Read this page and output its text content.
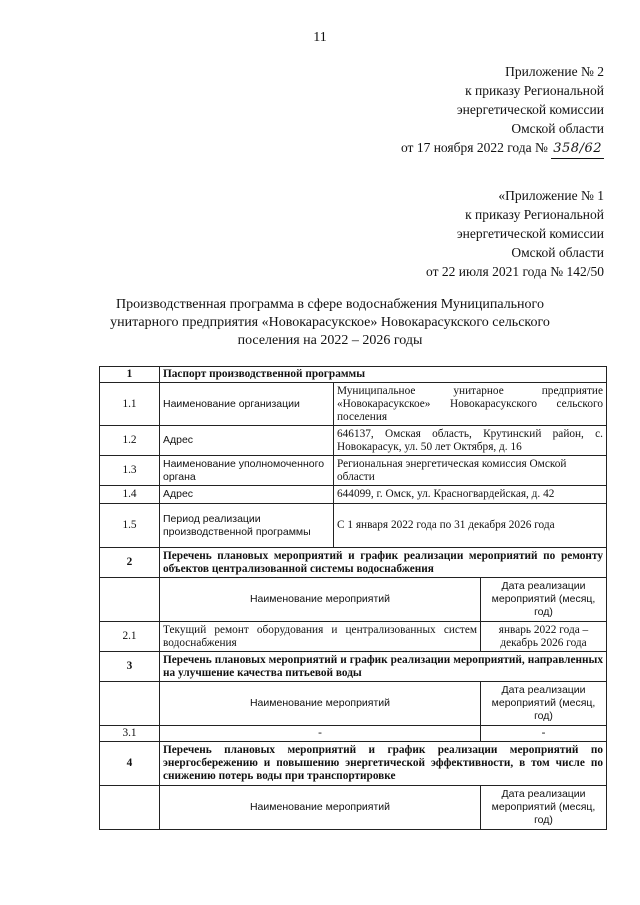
11
Приложение № 2
к приказу Региональной
энергетической комиссии
Омской области
от 17 ноября 2022 года № 358/62
«Приложение № 1
к приказу Региональной
энергетической комиссии
Омской области
от 22 июля 2021 года № 142/50
Производственная программа в сфере водоснабжения Муниципального
унитарного предприятия «Новокарасукское» Новокарасукского сельского
поселения на 2022 – 2026 годы
1	Паспорт производственной программы		
1.1	Наименование организации	Муниципальное унитарное предприятие «Новокарасукское» Новокарасукского сельского поселения	
1.2	Адрес	646137, Омская область, Крутинский район, с. Новокарасук, ул. 50 лет Октября, д. 16	
1.3	Наименование уполномоченного органа	Региональная энергетическая комиссия Омской области	
1.4	Адрес	644099, г. Омск, ул. Красногвардейская, д. 42	
1.5	Период реализации производственной программы	С 1 января 2022 года по 31 декабря 2026 года	
2	Перечень плановых мероприятий и график реализации мероприятий по ремонту объектов централизованной системы водоснабжения		
	Наименование мероприятий		Дата реализации мероприятий (месяц, год)
2.1	Текущий ремонт оборудования и централизованных систем водоснабжения		январь 2022 года – декабрь 2026 года
3	Перечень плановых мероприятий и график реализации мероприятий, направленных на улучшение качества питьевой воды		
	Наименование мероприятий		Дата реализации мероприятий (месяц, год)
3.1	-		-
4	Перечень плановых мероприятий и график реализации мероприятий по энергосбережению и повышению энергетической эффективности, в том числе по снижению потерь воды при транспортировке		
	Наименование мероприятий		Дата реализации мероприятий (месяц, год)
